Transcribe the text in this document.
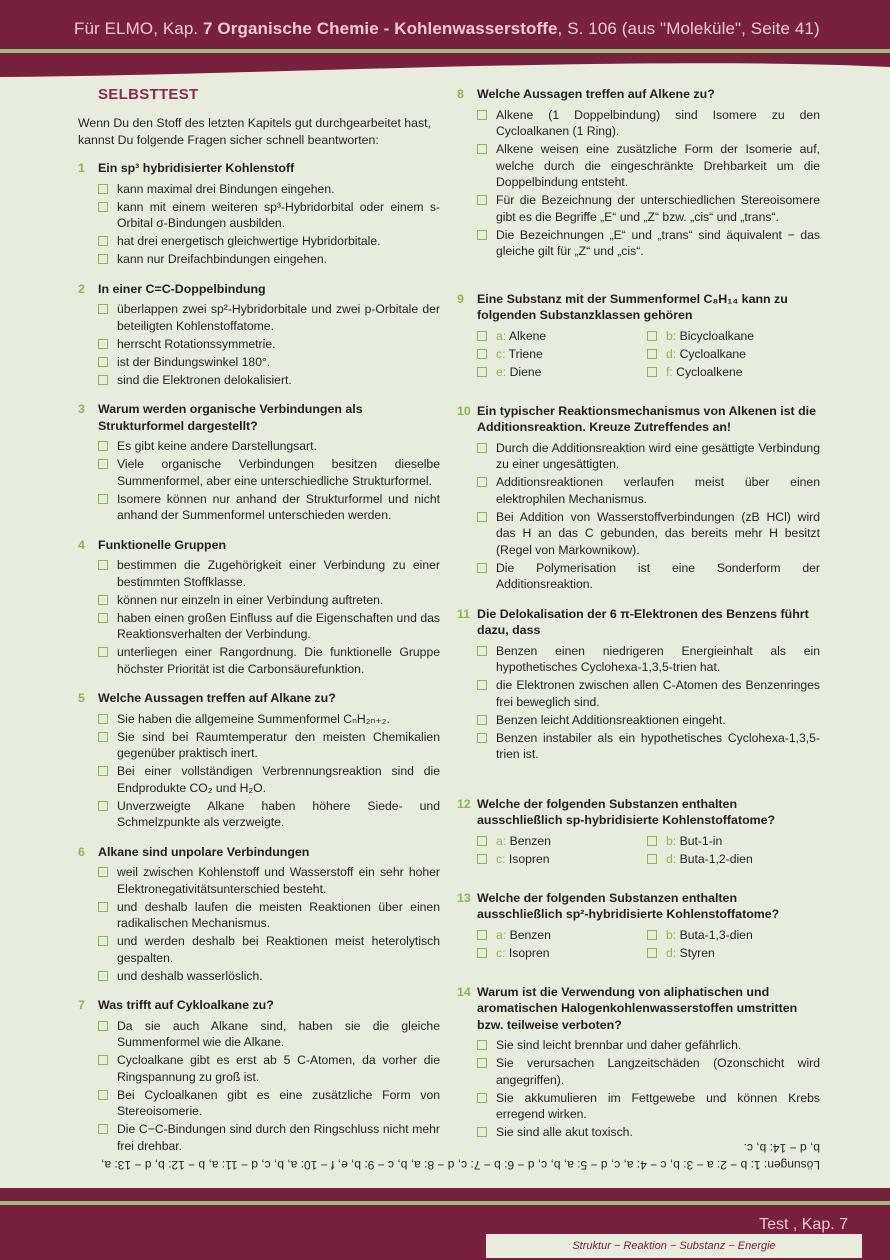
Für ELMO, Kap. 7 Organische Chemie - Kohlenwasserstoffe, S. 106 (aus "Moleküle", Seite 41)
SELBSTTEST
Wenn Du den Stoff des letzten Kapitels gut durchgearbeitet hast, kannst Du folgende Fragen sicher schnell beantworten:
1	Ein sp³ hybridisierter Kohlenstoff
kann maximal drei Bindungen eingehen.
kann mit einem weiteren sp³-Hybridorbital oder einem s-Orbital σ-Bindungen ausbilden.
hat drei energetisch gleichwertige Hybridorbitale.
kann nur Dreifachbindungen eingehen.
2	In einer C=C-Doppelbindung
überlappen zwei sp²-Hybridorbitale und zwei p-Orbitale der beteiligten Kohlenstoffatome.
herrscht Rotationssymmetrie.
ist der Bindungswinkel 180°.
sind die Elektronen delokalisiert.
3	Warum werden organische Verbindungen als Strukturformel dargestellt?
Es gibt keine andere Darstellungsart.
Viele organische Verbindungen besitzen dieselbe Summenformel, aber eine unterschiedliche Strukturformel.
Isomere können nur anhand der Strukturformel und nicht anhand der Summenformel unterschieden werden.
4	Funktionelle Gruppen
bestimmen die Zugehörigkeit einer Verbindung zu einer bestimmten Stoffklasse.
können nur einzeln in einer Verbindung auftreten.
haben einen großen Einfluss auf die Eigenschaften und das Reaktionsverhalten der Verbindung.
unterliegen einer Rangordnung. Die funktionelle Gruppe höchster Priorität ist die Carbonsäurefunktion.
5	Welche Aussagen treffen auf Alkane zu?
Sie haben die allgemeine Summenformel CₙH₂ₙ₊₂.
Sie sind bei Raumtemperatur den meisten Chemikalien gegenüber praktisch inert.
Bei einer vollständigen Verbrennungsreaktion sind die Endprodukte CO₂ und H₂O.
Unverzweigte Alkane haben höhere Siede- und Schmelzpunkte als verzweigte.
6	Alkane sind unpolare Verbindungen
weil zwischen Kohlenstoff und Wasserstoff ein sehr hoher Elektronegativitätsunterschied besteht.
und deshalb laufen die meisten Reaktionen über einen radikalischen Mechanismus.
und werden deshalb bei Reaktionen meist heterolytisch gespalten.
und deshalb wasserlöslich.
7	Was trifft auf Cykloalkane zu?
Da sie auch Alkane sind, haben sie die gleiche Summenformel wie die Alkane.
Cycloalkane gibt es erst ab 5 C-Atomen, da vorher die Ringspannung zu groß ist.
Bei Cycloalkanen gibt es eine zusätzliche Form von Stereoisomerie.
Die C−C-Bindungen sind durch den Ringschluss nicht mehr frei drehbar.
8	Welche Aussagen treffen auf Alkene zu?
Alkene (1 Doppelbindung) sind Isomere zu den Cycloalkanen (1 Ring).
Alkene weisen eine zusätzliche Form der Isomerie auf, welche durch die eingeschränkte Drehbarkeit um die Doppelbindung entsteht.
Für die Bezeichnung der unterschiedlichen Stereoisomere gibt es die Begriffe „E“ und „Z“ bzw. „cis“ und „trans“.
Die Bezeichnungen „E“ und „trans“ sind äquivalent − das gleiche gilt für „Z“ und „cis“.
9	Eine Substanz mit der Summenformel C₈H₁₄ kann zu folgenden Substanzklassen gehören
a: Alkene	b: Bicycloalkane
c: Triene	d: Cycloalkane
e: Diene	f: Cycloalkene
10 Ein typischer Reaktionsmechanismus von Alkenen ist die Additionsreaktion. Kreuze Zutreffendes an!
Durch die Additionsreaktion wird eine gesättigte Verbindung zu einer ungesättigten.
Additionsreaktionen verlaufen meist über einen elektrophilen Mechanismus.
Bei Addition von Wasserstoffverbindungen (zB HCl) wird das H an das C gebunden, das bereits mehr H besitzt (Regel von Markownikow).
Die Polymerisation ist eine Sonderform der Additionsreaktion.
11 Die Delokalisation der 6 π-Elektronen des Benzens führt dazu, dass
Benzen einen niedrigeren Energieinhalt als ein hypothetisches Cyclohexa-1,3,5-trien hat.
die Elektronen zwischen allen C-Atomen des Benzenringes frei beweglich sind.
Benzen leicht Additionsreaktionen eingeht.
Benzen instabiler als ein hypothetisches Cyclohexa-1,3,5-trien ist.
12 Welche der folgenden Substanzen enthalten ausschließlich sp-hybridisierte Kohlenstoffatome?
a: Benzen	b: But-1-in
c: Isopren	d: Buta-1,2-dien
13 Welche der folgenden Substanzen enthalten ausschließlich sp²-hybridisierte Kohlenstoffatome?
a: Benzen	b: Buta-1,3-dien
c: Isopren	d: Styren
14 Warum ist die Verwendung von aliphatischen und aromatischen Halogenkohlenwasserstoffen umstritten bzw. teilweise verboten?
Sie sind leicht brennbar und daher gefährlich.
Sie verursachen Langzeitschäden (Ozonschicht wird angegriffen).
Sie akkumulieren im Fettgewebe und können Krebs erregend wirken.
Sie sind alle akut toxisch.
Lösungen: 1: b − 2: a − 3: b, c − 4: a, c, d − 5: a, b, c, d − 6: b − 7: c, d − 8: a, b, c − 9: b, e, f − 10: a, b, c, d − 11: a, b − 12: b, d − 13: a, b, d − 14: b, c.
Test , Kap. 7
Struktur − Reaktion − Substanz − Energie
